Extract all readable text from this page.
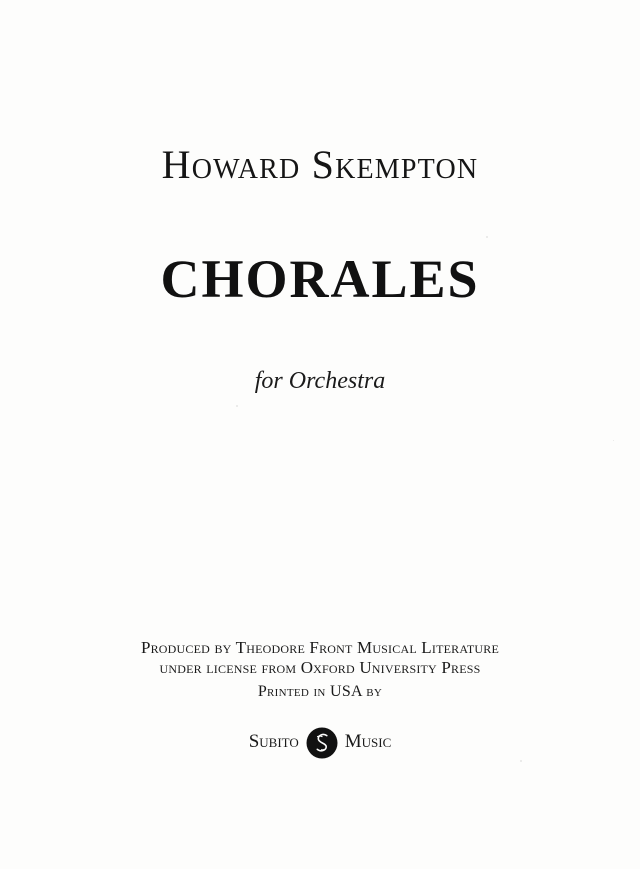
Howard Skempton
CHORALES
for Orchestra
Produced by Theodore Front Musical Literature
under license from Oxford University Press
Printed in USA by
Subito Music
